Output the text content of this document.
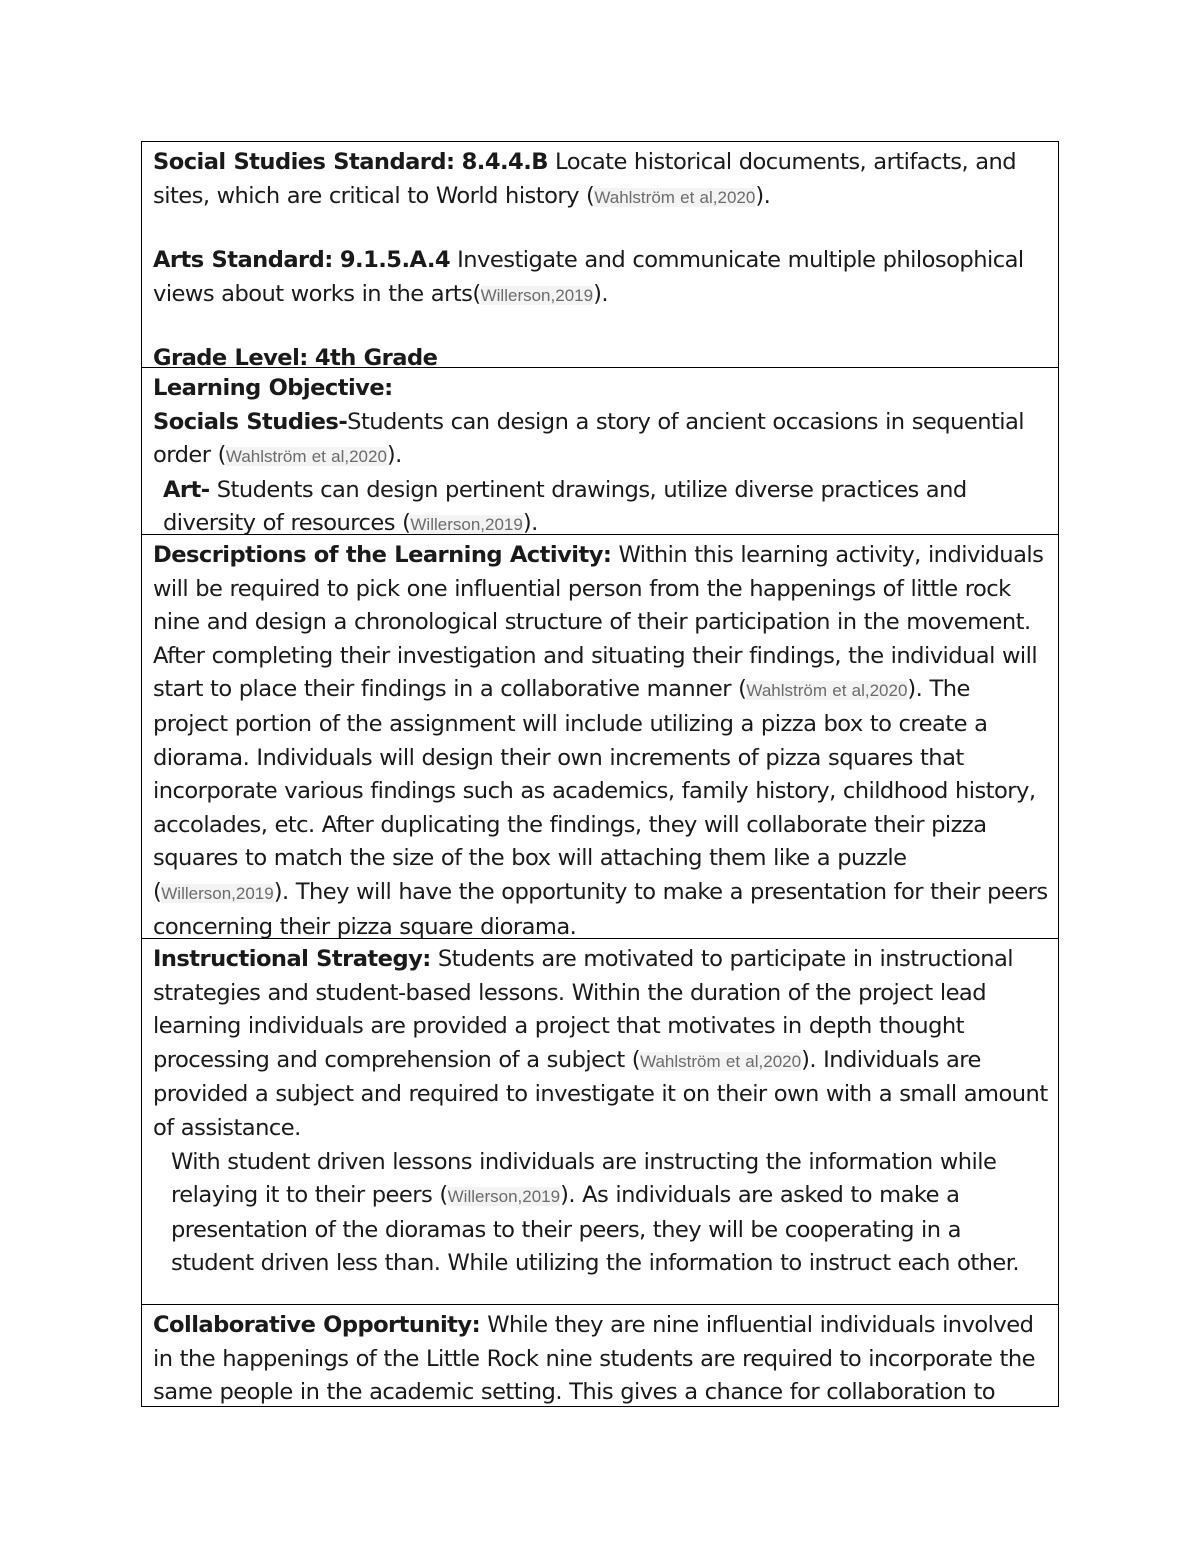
Social Studies Standard: 8.4.4.B Locate historical documents, artifacts, and sites, which are critical to World history (Wahlström et al,2020).

Arts Standard: 9.1.5.A.4 Investigate and communicate multiple philosophical views about works in the arts(Willerson,2019).

Grade Level: 4th Grade

Learning Objective:

Socials Studies-Students can design a story of ancient occasions in sequential order (Wahlström et al,2020).

Art- Students can design pertinent drawings, utilize diverse practices and diversity of resources (Willerson,2019).

Descriptions of the Learning Activity: Within this learning activity, individuals will be required to pick one influential person from the happenings of little rock nine and design a chronological structure of their participation in the movement. After completing their investigation and situating their findings, the individual will start to place their findings in a collaborative manner (Wahlström et al,2020). The project portion of the assignment will include utilizing a pizza box to create a diorama. Individuals will design their own increments of pizza squares that incorporate various findings such as academics, family history, childhood history, accolades, etc. After duplicating the findings, they will collaborate their pizza squares to match the size of the box will attaching them like a puzzle (Willerson,2019). They will have the opportunity to make a presentation for their peers concerning their pizza square diorama.

Instructional Strategy: Students are motivated to participate in instructional strategies and student-based lessons. Within the duration of the project lead learning individuals are provided a project that motivates in depth thought processing and comprehension of a subject (Wahlström et al,2020). Individuals are provided a subject and required to investigate it on their own with a small amount of assistance.

With student driven lessons individuals are instructing the information while relaying it to their peers (Willerson,2019). As individuals are asked to make a presentation of the dioramas to their peers, they will be cooperating in a student driven less than. While utilizing the information to instruct each other.

Collaborative Opportunity: While they are nine influential individuals involved in the happenings of the Little Rock nine students are required to incorporate the same people in the academic setting. This gives a chance for collaboration to
